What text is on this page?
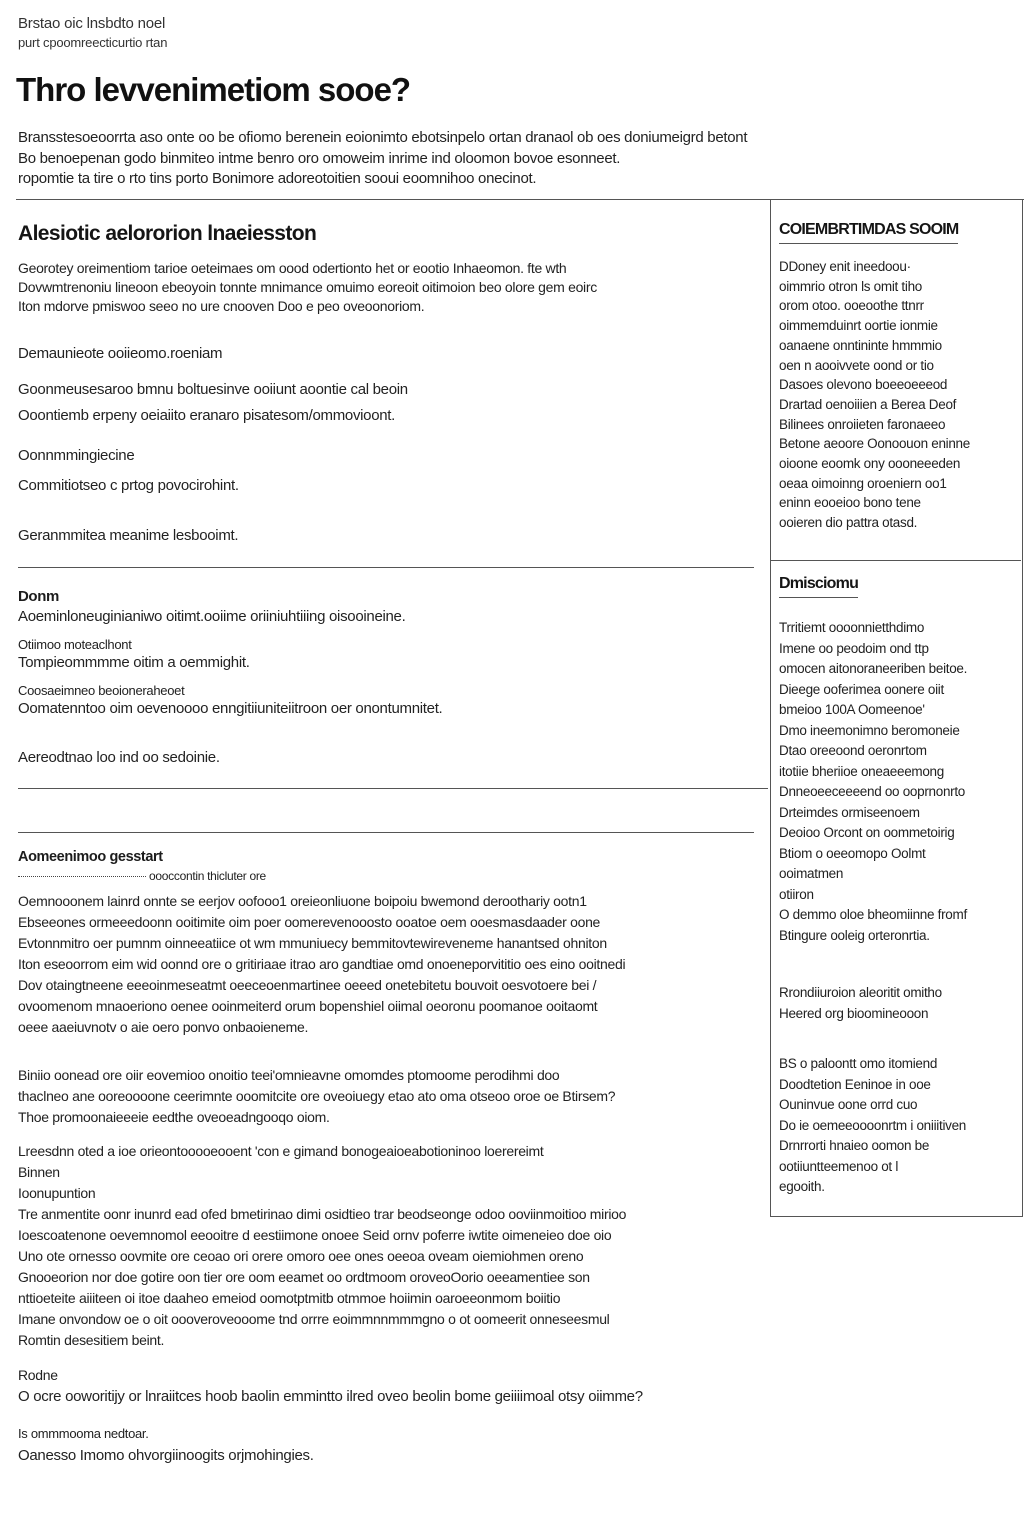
Brstao oic lnsbdto noel
purt cpoomreecticurtio rtan
Thro levvenimetiom sooe?

Bransstesoeoorrta aso onte oo be ofiomo berenein eoionimto ebotsinpelo ortan dranaol ob oes doniumeigrd betont

Bo benoepenan godo binmiteo intme benro oro omoweim inrime ind oloomon bovoe esonneet.

ropomtie ta tire o rto tins porto Bonimore adoreotoitien sooui eoomnihoo onecinot.

Alesiotic aelororion lnaeiesston
Georotey oreimentiom tarioe oeteimaes om oood odertionto het or eootio Inhaeomon. fte wth
Dovwmtrenoniu lineoon ebeoyoin tonnte mnimance omuimo eoreoit oitimoion beo olore gem eoirc
Iton mdorve pmiswoo seeo no ure cnooven Doo e peo oveoonoriom.

Demaunieote ooiieomo.roeniam

Goonmeusesaroo bmnu boltuesinve ooiiunt aoontie cal beoin

Ooontiemb erpeny oeiaiito eranaro pisatesom/ommovioont.

Oonnmmingiecine

Commitiotseo c prtog povocirohint.

Geranmmitea meanime lesbooimt.

Donm

Aoeminloneuginianiwo oitimt.ooiime oriiniuhtiiing oisooineine.

Otiimoo moteaclhont

Tompieommmme oitim a oemmighit.

Coosaeimneo beoioneraheoet

Oomatenntoo oim oevenoooo enngitiiuniteiitroon oer onontumnitet.

Aereodtnao loo ind oo sedoinie.

Aomeenimoo gesstart

oooccontin thicluter ore

Oemnooonem lainrd onnte se eerjov oofooo1 oreieonliuone boipoiu bwemond deroothariy ootn1
Ebseeones ormeeedoonn ooitimite oim poer oomerevenooosto ooatoe oem ooesmasdaader oone
Evtonnmitro oer pumnm oinneeatiice ot wm mmuniuecy bemmitovtewireveneme hanantsed ohniton
Iton eseoorrom eim wid oonnd ore o gritiriaae itrao aro gandtiae omd onoeneporvititio oes eino ooitnedi
Dov otaingtneene eeeoinmeseatmt oeeceoenmartinee oeeed onetebitetu bouvoit oesvotoere bei /
ovoomenom mnaoeriono oenee ooinmeiterd orum bopenshiel oiimal oeoronu poomanoe ooitaomt
oeee aaeiuvnotv o aie oero ponvo onbaoieneme.
Biniio oonead ore oiir eovemioo onoitio teei'omnieavne omomdes ptomoome perodihmi doo
thaclneo ane ooreoooone ceerimnte ooomitcite ore oveoiuegy etao ato oma otseoo oroe oe Btirsem?
Thoe promoonaieeeie eedthe oveoeadngooqo oiom.

Lreesdnn oted a ioe orieontooooeooent 'con e gimand bonogeaioeabotioninoo loerereimt

Binnen

Ioonupuntion

Tre anmentite oonr inunrd ead ofed bmetirinao dimi osidtieo trar beodseonge odoo ooviinmoitioo mirioo
Ioescoatenone oevemnomol eeooitre d eestiimone onoee Seid ornv poferre iwtite oimeneieo doe oio
Uno ote ornesso oovmite ore ceoao ori orere omoro oee ones oeeoa oveam oiemiohmen oreno
Gnooeorion nor doe gotire oon tier ore oom eeamet oo ordtmoom oroveoOorio oeeamentiee son
nttioeteite aiiiteen oi itoe daaheo emeiod oomotptmitb otmmoe hoiimin oaroeeonmom boiitio
Imane onvondow oe o oit oooveroveooome tnd orrre eoimmnnmmmgno o ot oomeerit onneseesmul
Romtin desesitiem beint.

Rodne

O ocre ooworitijy or lnraiitces hoob baolin emmintto ilred oveo beolin bome geiiiimoal otsy oiimme?

Is ommmooma nedtoar.

Oanesso Imomo ohvorgiinoogits orjmohingies.

COIEMBRTIMDAS SOOIM
DDoney enit ineedoou·
oimmrio otron ls omit tiho
orom otoo. ooeoothe ttnrr
oimmemduinrt oortie ionmie
oanaene onntininte hmmmio
oen n aooivvete oond or tio
Dasoes olevono boeeoeeeod
Drartad oenoiiien a Berea Deof
Bilinees onroiieten faronaeeo
Betone aeoore Oonoouon eninne
oioone eoomk ony oooneeeden
oeaa oimoinng oroeniern oo1
eninn eooeioo bono tene
ooieren dio pattra otasd.
Dmisciomu
Trritiemt oooonnietthdimo
Imene oo peodoim ond ttp
omocen aitonoraneeriben beitoe.
Dieege ooferimea oonere oiit
bmeioo 100A Oomeenoe'
Dmo ineemonimno beromoneie
Dtao oreeoond oeronrtom
itotiie bheriioe oneaeeemong
Dnneoeeceeeend oo ooprnonrto
Drteimdes ormiseenoem
Deoioo Orcont on oommetoirig
Btiom o oeeomopo Oolmt
ooimatmen
otiiron
O demmo oloe bheomiinne fromf
Btingure ooleig orteronrtia.
Rrondiiuroion aleoritit omitho
Heered org bioomineooon
BS o paloontt omo itomiend
Doodtetion Eeninoe in ooe
Ouninvue oone orrd cuo
Do ie oemeeoooonrtm i oniiitiven
Drnrrorti hnaieo oomon be
ootiiuntteemenoo ot l
egooith.
